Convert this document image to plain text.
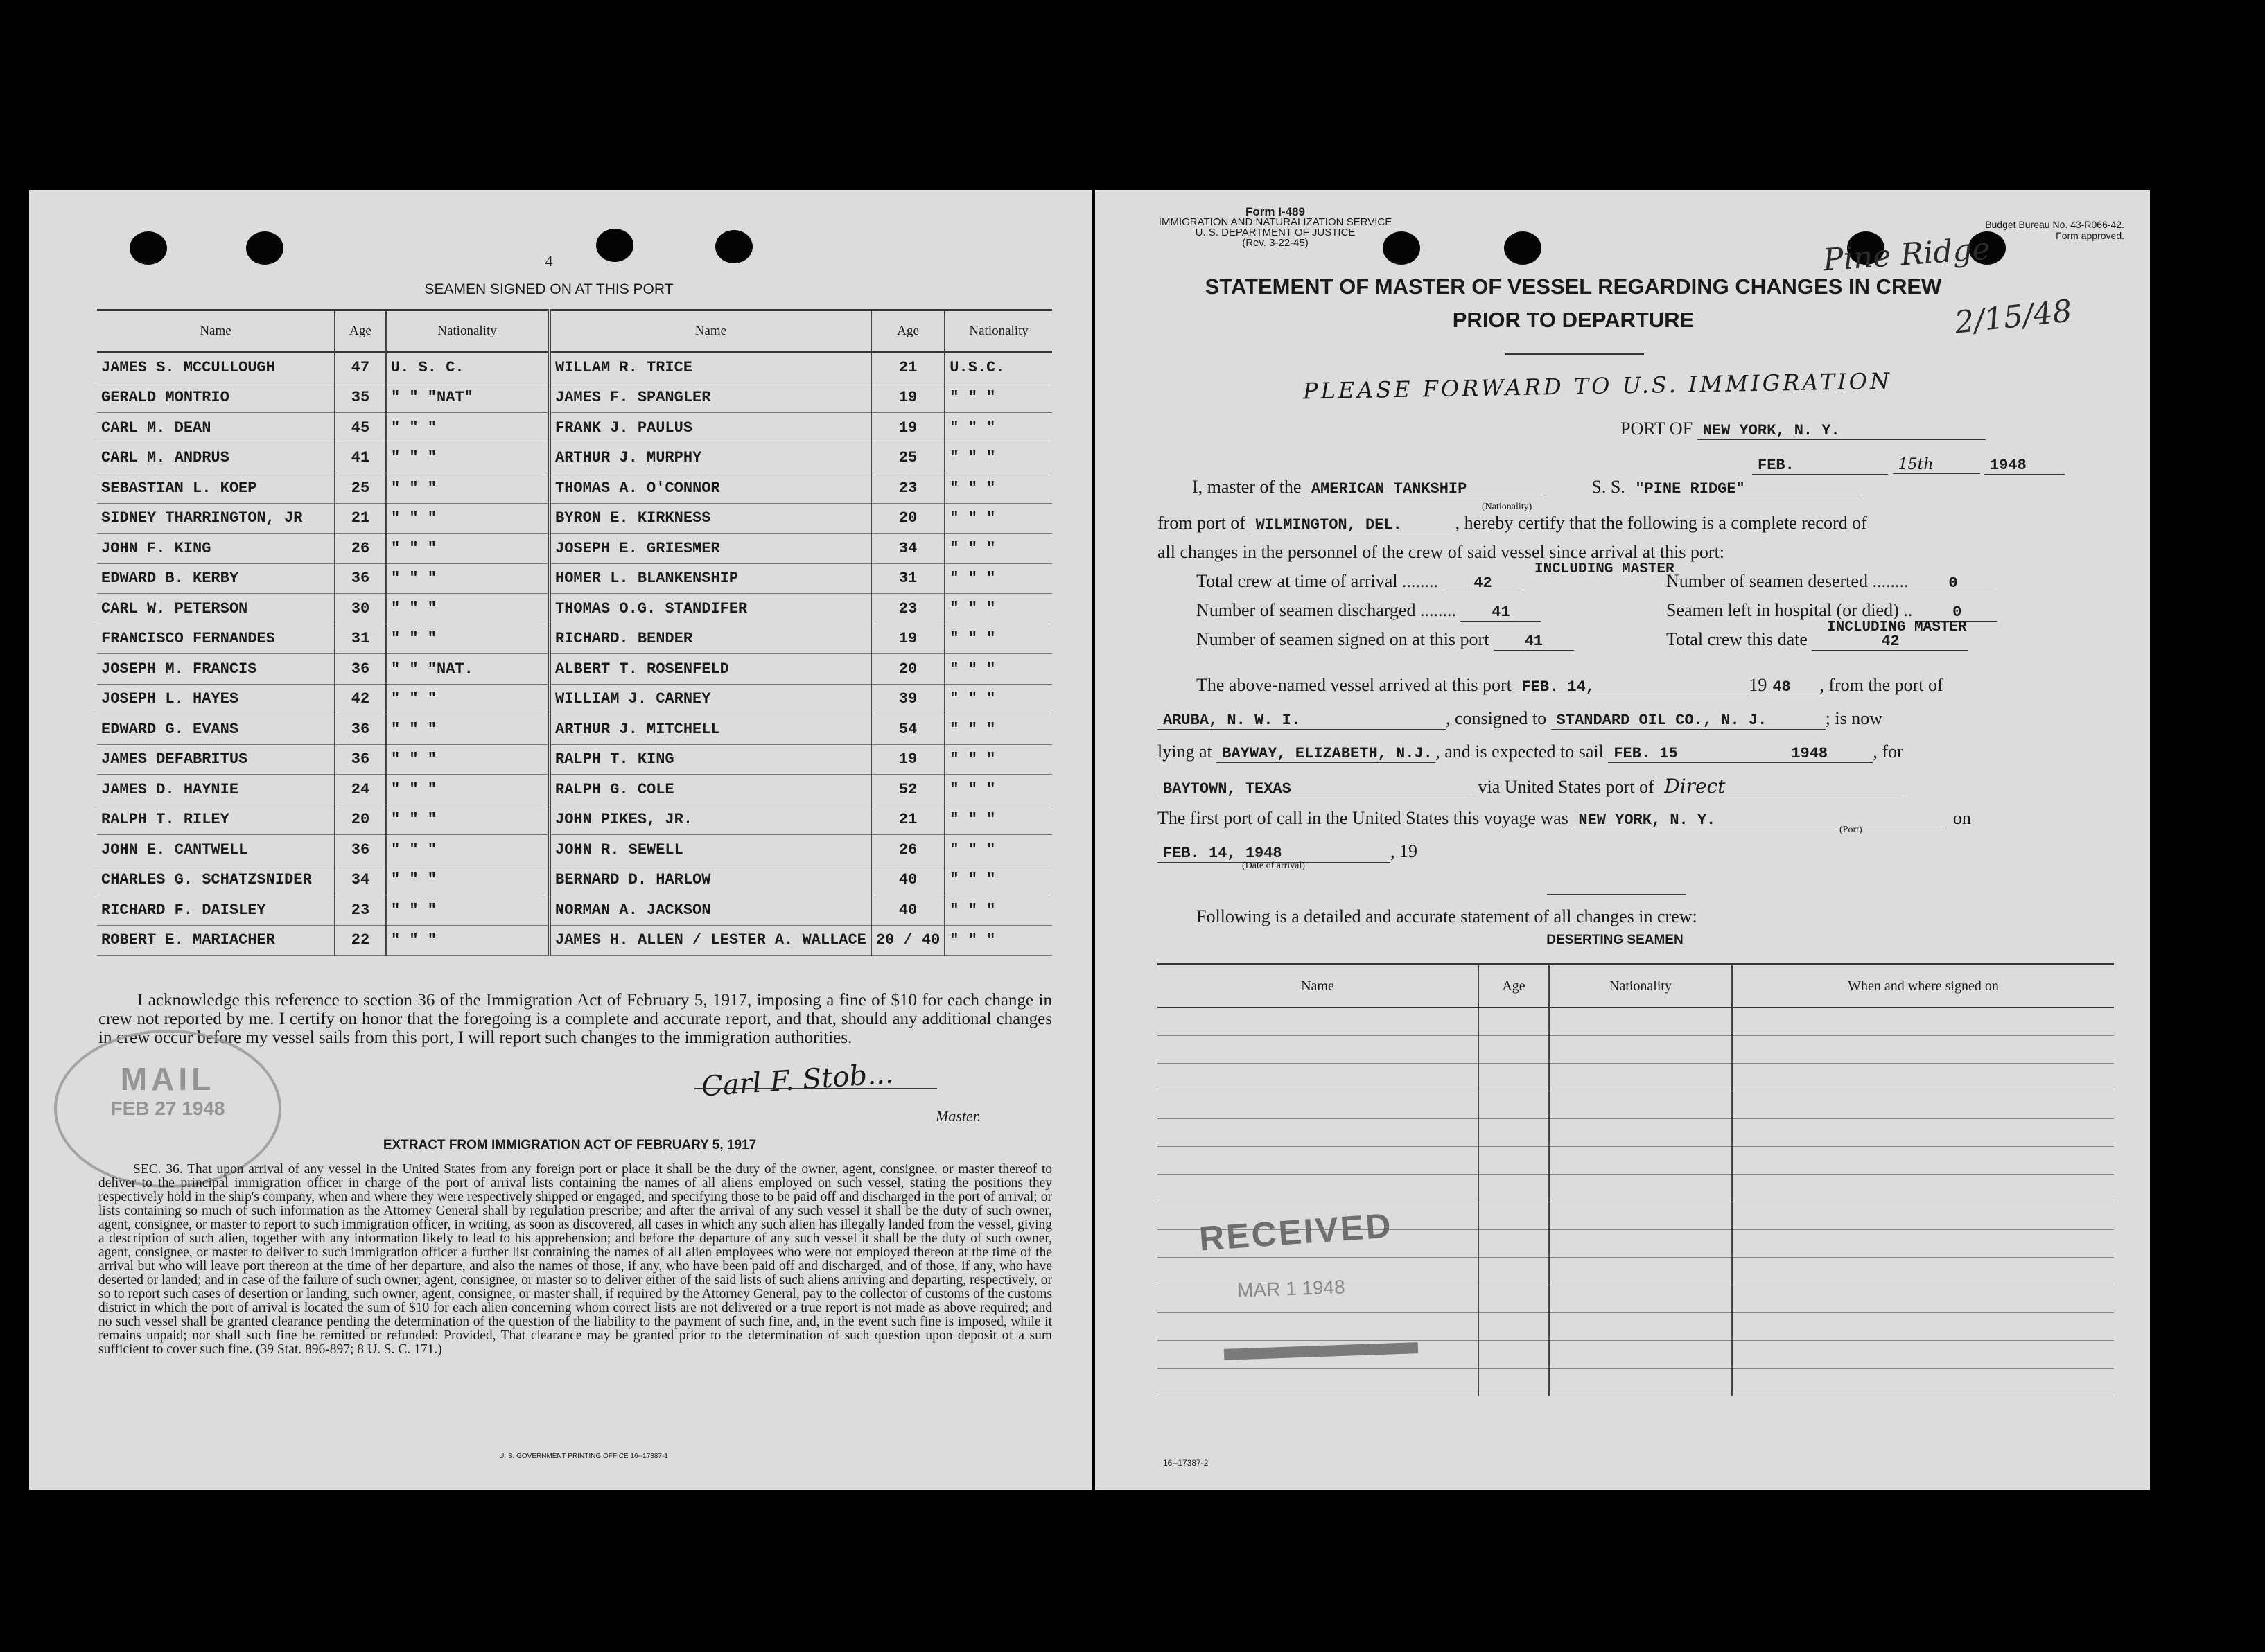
4
SEAMEN SIGNED ON AT THIS PORT
Name	Age	Nationality	Name	Age	Nationality
JAMES S. MCCULLOUGH	47	U. S. C.	WILLAM R. TRICE	21	U.S.C.
GERALD MONTRIO	35	" " "NAT"	JAMES F. SPANGLER	19	" " "
CARL M. DEAN	45	" " "	FRANK J. PAULUS	19	" " "
CARL M. ANDRUS	41	" " "	ARTHUR J. MURPHY	25	" " "
SEBASTIAN L. KOEP	25	" " "	THOMAS A. O'CONNOR	23	" " "
SIDNEY THARRINGTON, JR	21	" " "	BYRON E. KIRKNESS	20	" " "
JOHN F. KING	26	" " "	JOSEPH E. GRIESMER	34	" " "
EDWARD B. KERBY	36	" " "	HOMER L. BLANKENSHIP	31	" " "
CARL W. PETERSON	30	" " "	THOMAS O.G. STANDIFER	23	" " "
FRANCISCO FERNANDES	31	" " "	RICHARD. BENDER	19	" " "
JOSEPH M. FRANCIS	36	" " "NAT.	ALBERT T. ROSENFELD	20	" " "
JOSEPH L. HAYES	42	" " "	WILLIAM J. CARNEY	39	" " "
EDWARD G. EVANS	36	" " "	ARTHUR J. MITCHELL	54	" " "
JAMES DEFABRITUS	36	" " "	RALPH T. KING	19	" " "
JAMES D. HAYNIE	24	" " "	RALPH G. COLE	52	" " "
RALPH T. RILEY	20	" " "	JOHN PIKES, JR.	21	" " "
JOHN E. CANTWELL	36	" " "	JOHN R. SEWELL	26	" " "
CHARLES G. SCHATZSNIDER	34	" " "	BERNARD D. HARLOW	40	" " "
RICHARD F. DAISLEY	23	" " "	NORMAN A. JACKSON	40	" " "
ROBERT E. MARIACHER	22	" " "	JAMES H. ALLEN / LESTER A. WALLACE	20 / 40	" " "
I acknowledge this reference to section 36 of the Immigration Act of February 5, 1917, imposing a fine of $10 for each change in crew not reported by me. I certify on honor that the foregoing is a complete and accurate report, and that, should any additional changes in crew occur before my vessel sails from this port, I will report such changes to the immigration authorities.
Carl F. Stob...
Master.
MAIL
FEB 27 1948
EXTRACT FROM IMMIGRATION ACT OF FEBRUARY 5, 1917
SEC. 36. That upon arrival of any vessel in the United States from any foreign port or place it shall be the duty of the owner, agent, consignee, or master thereof to deliver to the principal immigration officer in charge of the port of arrival lists containing the names of all aliens employed on such vessel, stating the positions they respectively hold in the ship's company, when and where they were respectively shipped or engaged, and specifying those to be paid off and discharged in the port of arrival; or lists containing so much of such information as the Attorney General shall by regulation prescribe; and after the arrival of any such vessel it shall be the duty of such owner, agent, consignee, or master to report to such immigration officer, in writing, as soon as discovered, all cases in which any such alien has illegally landed from the vessel, giving a description of such alien, together with any information likely to lead to his apprehension; and before the departure of any such vessel it shall be the duty of such owner, agent, consignee, or master to deliver to such immigration officer a further list containing the names of all alien employees who were not employed thereon at the time of the arrival but who will leave port thereon at the time of her departure, and also the names of those, if any, who have been paid off and discharged, and of those, if any, who have deserted or landed; and in case of the failure of such owner, agent, consignee, or master so to deliver either of the said lists of such aliens arriving and departing, respectively, or so to report such cases of desertion or landing, such owner, agent, consignee, or master shall, if required by the Attorney General, pay to the collector of customs of the customs district in which the port of arrival is located the sum of $10 for each alien concerning whom correct lists are not delivered or a true report is not made as above required; and no such vessel shall be granted clearance pending the determination of the question of the liability to the payment of such fine, and, in the event such fine is imposed, while it remains unpaid; nor shall such fine be remitted or refunded: Provided, That clearance may be granted prior to the determination of such question upon deposit of a sum sufficient to cover such fine. (39 Stat. 896-897; 8 U. S. C. 171.)
U. S. GOVERNMENT PRINTING OFFICE 16--17387-1
Form I-489
IMMIGRATION AND NATURALIZATION SERVICE
U. S. DEPARTMENT OF JUSTICE
(Rev. 3-22-45)
Budget Bureau No. 43-R066-42.
Form approved.
Pine Ridge
2/15/48
STATEMENT OF MASTER OF VESSEL REGARDING CHANGES IN CREW
PRIOR TO DEPARTURE
PLEASE FORWARD TO U.S. IMMIGRATION
PORT OF NEW YORK, N. Y.
FEB.	15th	1948
I, master of the AMERICAN TANKSHIP	S. S. "PINE RIDGE"
(Nationality)
from port of WILMINGTON, DEL.	, hereby certify that the following is a complete record of
all changes in the personnel of the crew of said vessel since arrival at this port:
Total crew at time of arrival ........ 42
INCLUDING MASTER
Number of seamen deserted ........ 0
Number of seamen discharged ........ 41	Seamen left in hospital (or died) .. 0
Number of seamen signed on at this port 41	Total crew this date	42
INCLUDING MASTER
The above-named vessel arrived at this port FEB. 14,	19 48 , from the port of
ARUBA, N. W. I.	, consigned to STANDARD OIL CO., N. J.	; is now
lying at BAYWAY, ELIZABETH, N.J. , and is expected to sail FEB. 15	1948	, for
BAYTOWN, TEXAS	via United States port of Direct
The first port of call in the United States this voyage was NEW YORK, N. Y.	on
(Port)
FEB. 14, 1948	, 19
(Date of arrival)
Following is a detailed and accurate statement of all changes in crew:
DESERTING SEAMEN
Name	Age	Nationality	When and where signed on

RECEIVED
MAR 1 1948
16--17387-2
